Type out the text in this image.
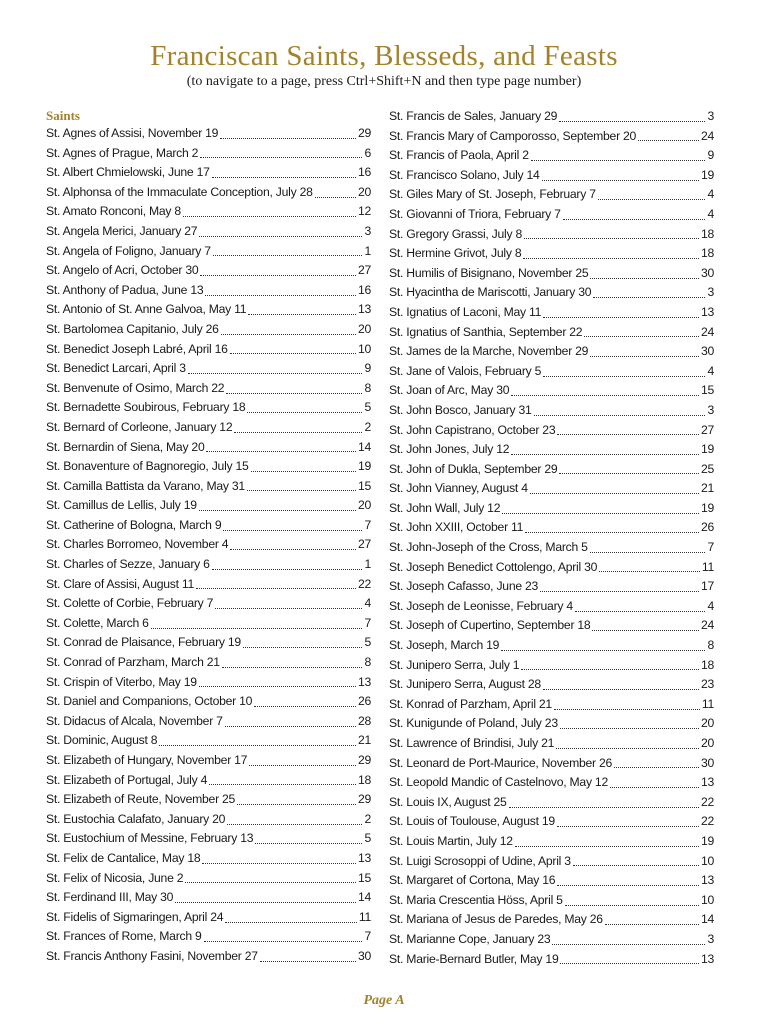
Franciscan Saints, Blesseds, and Feasts
(to navigate to a page, press Ctrl+Shift+N and then type page number)
Saints
St. Agnes of Assisi, November 19	29
St. Agnes of Prague, March 2	6
St. Albert Chmielowski, June 17	16
St. Alphonsa of the Immaculate Conception, July 28	20
St. Amato Ronconi, May 8	12
St. Angela Merici, January 27	3
St. Angela of Foligno, January 7	1
St. Angelo of Acri, October 30	27
St. Anthony of Padua, June 13	16
St. Antonio of St. Anne Galvoa, May 11	13
St. Bartolomea Capitanio, July 26	20
St. Benedict Joseph Labré, April 16	10
St. Benedict Larcari, April 3	9
St. Benvenute of Osimo, March 22	8
St. Bernadette Soubirous, February 18	5
St. Bernard of Corleone, January 12	2
St. Bernardin of Siena, May 20	14
St. Bonaventure of Bagnoregio, July 15	19
St. Camilla Battista da Varano, May 31	15
St. Camillus de Lellis, July 19	20
St. Catherine of Bologna, March 9	7
St. Charles Borromeo, November 4	27
St. Charles of Sezze, January 6	1
St. Clare of Assisi, August 11	22
St. Colette of Corbie, February 7	4
St. Colette, March 6	7
St. Conrad de Plaisance, February 19	5
St. Conrad of Parzham, March 21	8
St. Crispin of Viterbo, May 19	13
St. Daniel and Companions, October 10	26
St. Didacus of Alcala, November 7	28
St. Dominic, August 8	21
St. Elizabeth of Hungary, November 17	29
St. Elizabeth of Portugal, July 4	18
St. Elizabeth of Reute, November 25	29
St. Eustochia Calafato, January 20	2
St. Eustochium of Messine, February 13	5
St. Felix de Cantalice, May 18	13
St. Felix of Nicosia, June 2	15
St. Ferdinand III, May 30	14
St. Fidelis of Sigmaringen, April 24	11
St. Frances of Rome, March 9	7
St. Francis Anthony Fasini, November 27	30
St. Francis de Sales, January 29	3
St. Francis Mary of Camporosso, September 20	24
St. Francis of Paola, April 2	9
St. Francisco Solano, July 14	19
St. Giles Mary of St. Joseph, February 7	4
St. Giovanni of Triora, February 7	4
St. Gregory Grassi, July 8	18
St. Hermine Grivot, July 8	18
St. Humilis of Bisignano, November 25	30
St. Hyacintha de Mariscotti, January 30	3
St. Ignatius of Laconi, May 11	13
St. Ignatius of Santhia, September 22	24
St. James de la Marche, November 29	30
St. Jane of Valois, February 5	4
St. Joan of Arc, May 30	15
St. John Bosco, January 31	3
St. John Capistrano, October 23	27
St. John Jones, July 12	19
St. John of Dukla, September 29	25
St. John Vianney, August 4	21
St. John Wall, July 12	19
St. John XXIII, October 11	26
St. John-Joseph of the Cross, March 5	7
St. Joseph Benedict Cottolengo, April 30	11
St. Joseph Cafasso, June 23	17
St. Joseph de Leonisse, February 4	4
St. Joseph of Cupertino, September 18	24
St. Joseph, March 19	8
St. Junipero Serra, July 1	18
St. Junipero Serra, August 28	23
St. Konrad of Parzham, April 21	11
St. Kunigunde of Poland, July 23	20
St. Lawrence of Brindisi, July 21	20
St. Leonard de Port-Maurice, November 26	30
St. Leopold Mandic of Castelnovo, May 12	13
St. Louis IX, August 25	22
St. Louis of Toulouse, August 19	22
St. Louis Martin, July 12	19
St. Luigi Scrosoppi of Udine, April 3	10
St. Margaret of Cortona, May 16	13
St. Maria Crescentia Höss, April 5	10
St. Mariana of Jesus de Paredes, May 26	14
St. Marianne Cope, January 23	3
St. Marie-Bernard Butler, May 19	13
Page A
